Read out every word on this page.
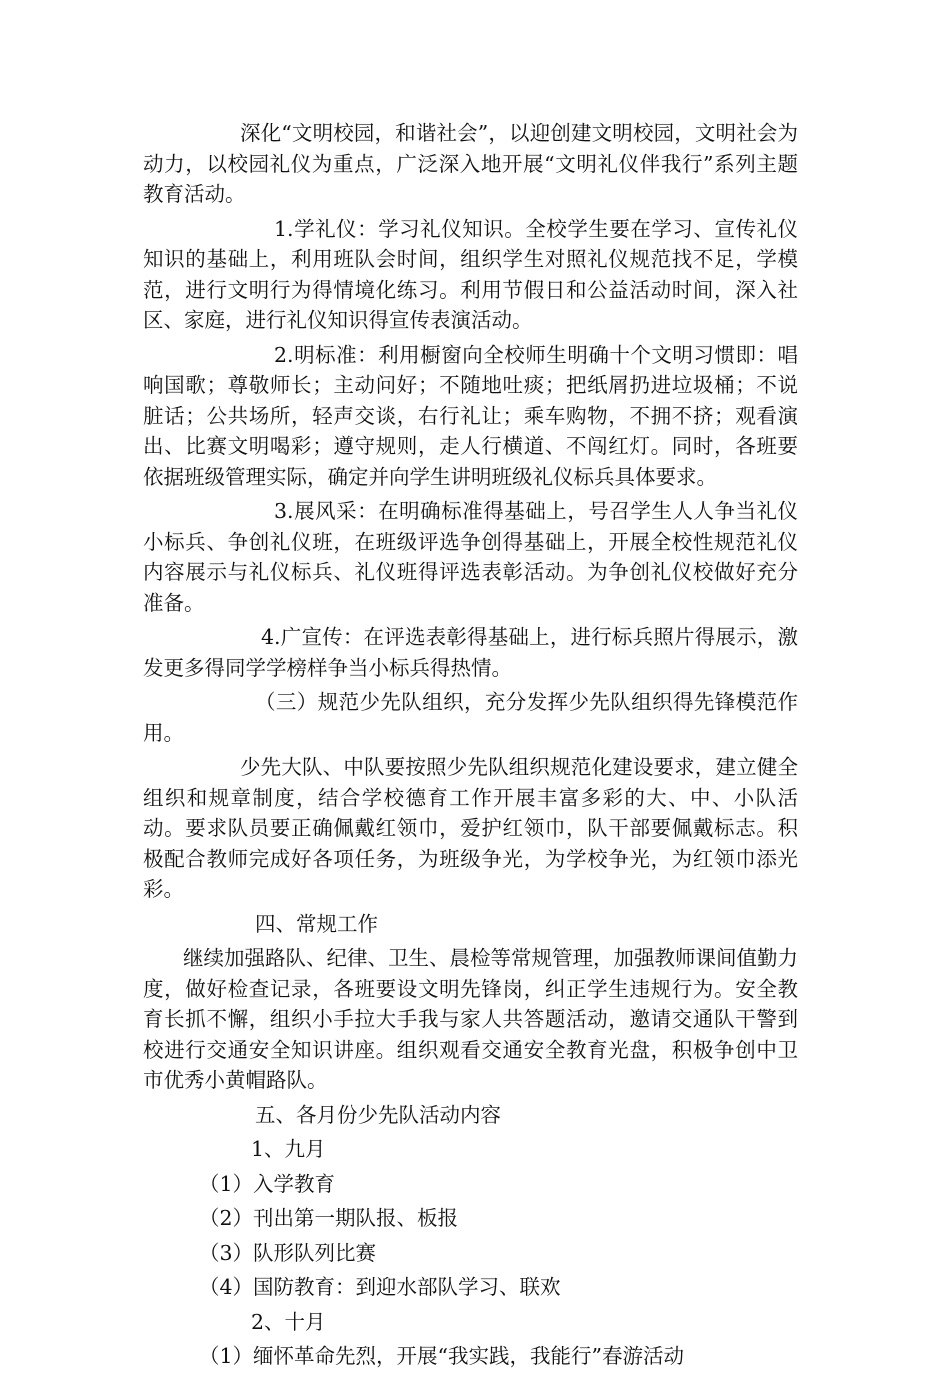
深化“文明校园，和谐社会”，以迎创建文明校园，文明社会为动力，以校园礼仪为重点，广泛深入地开展“文明礼仪伴我行”系列主题教育活动。

1.学礼仪：学习礼仪知识。全校学生要在学习、宣传礼仪知识的基础上，利用班队会时间，组织学生对照礼仪规范找不足，学模范，进行文明行为得情境化练习。利用节假日和公益活动时间，深入社区、家庭，进行礼仪知识得宣传表演活动。

2.明标准：利用橱窗向全校师生明确十个文明习惯即：唱响国歌；尊敬师长；主动问好；不随地吐痰；把纸屑扔进垃圾桶；不说脏话；公共场所，轻声交谈，右行礼让；乘车购物，不拥不挤；观看演出、比赛文明喝彩；遵守规则，走人行横道、不闯红灯。同时，各班要依据班级管理实际，确定并向学生讲明班级礼仪标兵具体要求。

3.展风采：在明确标准得基础上，号召学生人人争当礼仪小标兵、争创礼仪班，在班级评选争创得基础上，开展全校性规范礼仪内容展示与礼仪标兵、礼仪班得评选表彰活动。为争创礼仪校做好充分准备。

4.广宣传：在评选表彰得基础上，进行标兵照片得展示，激发更多得同学学榜样争当小标兵得热情。

（三）规范少先队组织，充分发挥少先队组织得先锋模范作用。

少先大队、中队要按照少先队组织规范化建设要求，建立健全组织和规章制度，结合学校德育工作开展丰富多彩的大、中、小队活动。要求队员要正确佩戴红领巾，爱护红领巾，队干部要佩戴标志。积极配合教师完成好各项任务，为班级争光，为学校争光，为红领巾添光彩。

四、常规工作

继续加强路队、纪律、卫生、晨检等常规管理，加强教师课间值勤力度，做好检查记录，各班要设文明先锋岗，纠正学生违规行为。安全教育长抓不懈，组织小手拉大手我与家人共答题活动，邀请交通队干警到校进行交通安全知识讲座。组织观看交通安全教育光盘，积极争创中卫市优秀小黄帽路队。

五、各月份少先队活动内容

1、九月

（1）入学教育

（2）刊出第一期队报、板报

（3）队形队列比赛

（4）国防教育：到迎水部队学习、联欢

2、十月

（1）缅怀革命先烈，开展“我实践，我能行”春游活动
